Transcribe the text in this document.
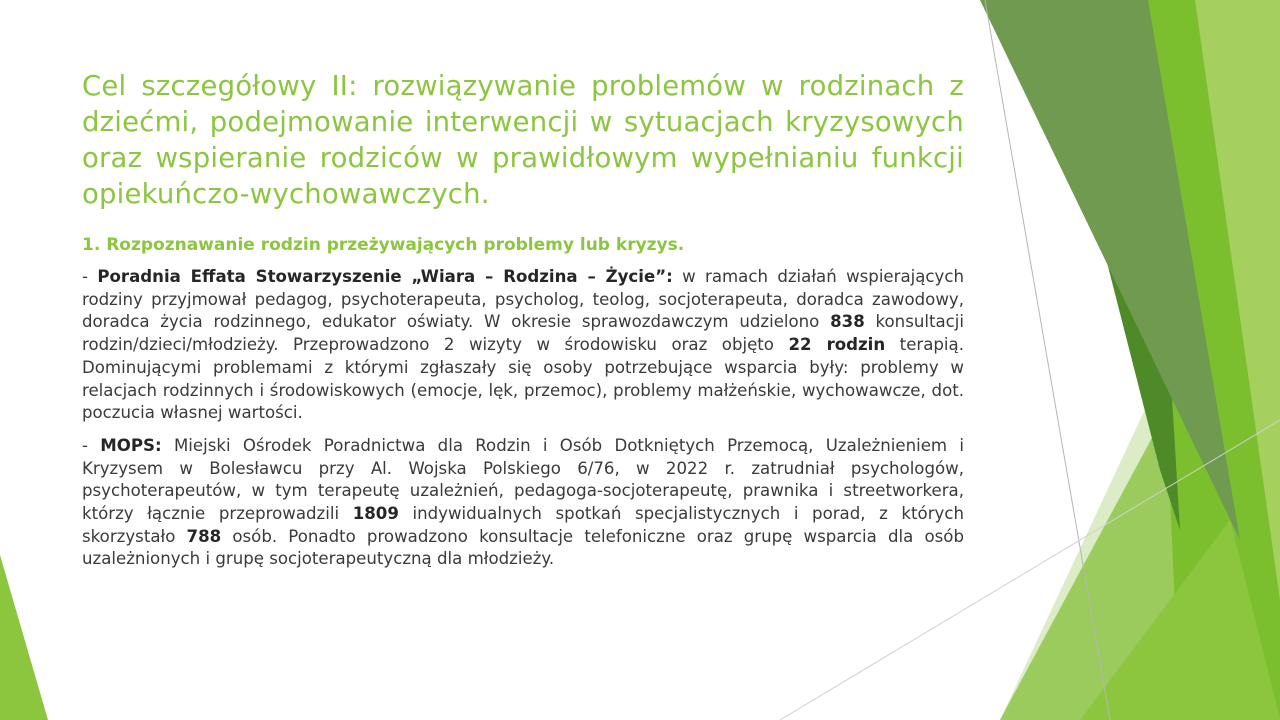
Cel szczegółowy II: rozwiązywanie problemów w rodzinach z dziećmi, podejmowanie interwencji w sytuacjach kryzysowych oraz wspieranie rodziców w prawidłowym wypełnianiu funkcji opiekuńczo-wychowawczych.
1. Rozpoznawanie rodzin przeżywających problemy lub kryzys.

- Poradnia Effata Stowarzyszenie „Wiara – Rodzina – Życie”: w ramach działań wspierających rodziny przyjmował pedagog, psychoterapeuta, psycholog, teolog, socjoterapeuta, doradca zawodowy, doradca życia rodzinnego, edukator oświaty. W okresie sprawozdawczym udzielono 838 konsultacji rodzin/dzieci/młodzieży. Przeprowadzono 2 wizyty w środowisku oraz objęto 22 rodzin terapią. Dominującymi problemami z którymi zgłaszały się osoby potrzebujące wsparcia były: problemy w relacjach rodzinnych i środowiskowych (emocje, lęk, przemoc), problemy małżeńskie, wychowawcze, dot. poczucia własnej wartości.

- MOPS: Miejski Ośrodek Poradnictwa dla Rodzin i Osób Dotkniętych Przemocą, Uzależnieniem i Kryzysem w Bolesławcu przy Al. Wojska Polskiego 6/76, w 2022 r. zatrudniał psychologów, psychoterapeutów, w tym terapeutę uzależnień, pedagoga-socjoterapeutę, prawnika i streetworkera, którzy łącznie przeprowadzili 1809 indywidualnych spotkań specjalistycznych i porad, z których skorzystało 788 osób. Ponadto prowadzono konsultacje telefoniczne oraz grupę wsparcia dla osób uzależnionych i grupę socjoterapeutyczną dla młodzieży.
